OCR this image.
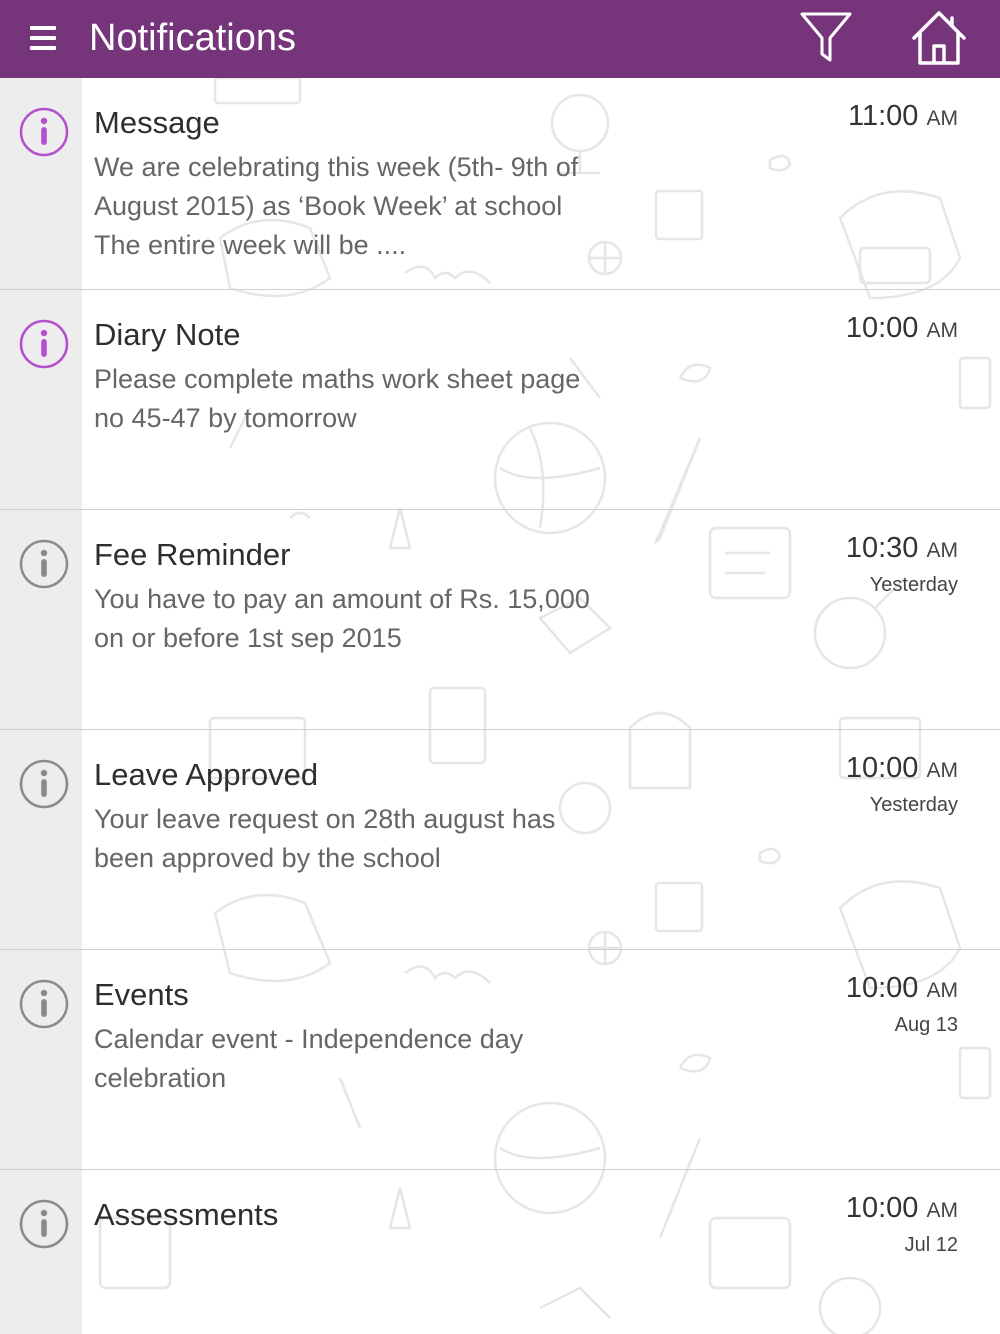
Notifications
Message
We are celebrating this week (5th- 9th of August 2015) as ‘Book Week’ at school The entire week will be ....
11:00 AM
Diary Note
Please complete maths work sheet page no 45-47 by tomorrow
10:00 AM
Fee Reminder
You have to pay an amount of Rs. 15,000 on or before 1st sep 2015
10:30 AM
Yesterday
Leave Approved
Your leave request on 28th august has been approved by the school
10:00 AM
Yesterday
Events
Calendar event - Independence day celebration
10:00 AM
Aug 13
Assessments	10:00 AM
Jul 12
